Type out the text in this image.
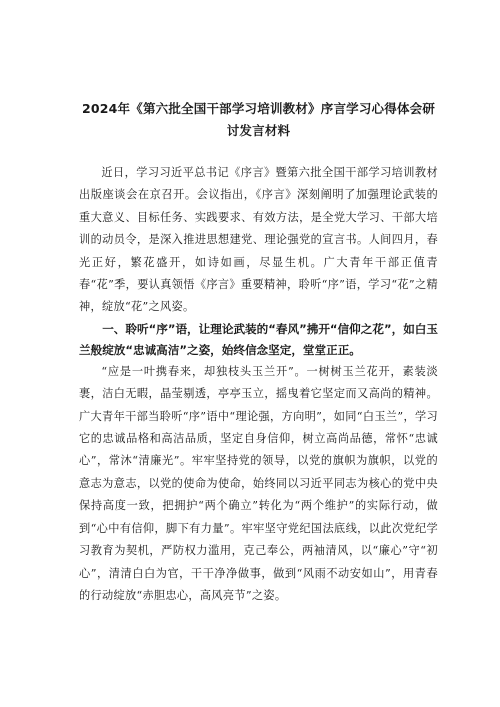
2024年《第六批全国干部学习培训教材》序言学习心得体会研讨发言材料

近日，学习习近平总书记《序言》暨第六批全国干部学习培训教材出版座谈会在京召开。会议指出，《序言》深刻阐明了加强理论武装的重大意义、目标任务、实践要求、有效方法，是全党大学习、干部大培训的动员令，是深入推进思想建党、理论强党的宣言书。人间四月，春光正好，繁花盛开，如诗如画，尽显生机。广大青年干部正值青春“花”季，要认真领悟《序言》重要精神，聆听“序”语，学习“花”之精神，绽放“花”之风姿。

一、聆听“序”语，让理论武装的“春风”拂开“信仰之花”，如白玉兰般绽放“忠诚高洁”之姿，始终信念坚定，堂堂正正。

“应是一叶携春来，却独枝头玉兰开”。一树树玉兰花开，素装淡裹，洁白无暇，晶莹剔透，亭亭玉立，摇曳着它坚定而又高尚的精神。广大青年干部当聆听“序”语中“理论强，方向明”，如同“白玉兰”，学习它的忠诚品格和高洁品质，坚定自身信仰，树立高尚品德，常怀“忠诚心”，常沐“清廉光”。牢牢坚持党的领导，以党的旗帜为旗帜，以党的意志为意志，以党的使命为使命，始终同以习近平同志为核心的党中央保持高度一致，把拥护“两个确立”转化为“两个维护”的实际行动，做到“心中有信仰，脚下有力量”。牢牢坚守党纪国法底线，以此次党纪学习教育为契机，严防权力滥用，克己奉公，两袖清风，以“廉心”守“初心”，清清白白为官，干干净净做事，做到“风雨不动安如山”，用青春的行动绽放“赤胆忠心，高风亮节”之姿。
